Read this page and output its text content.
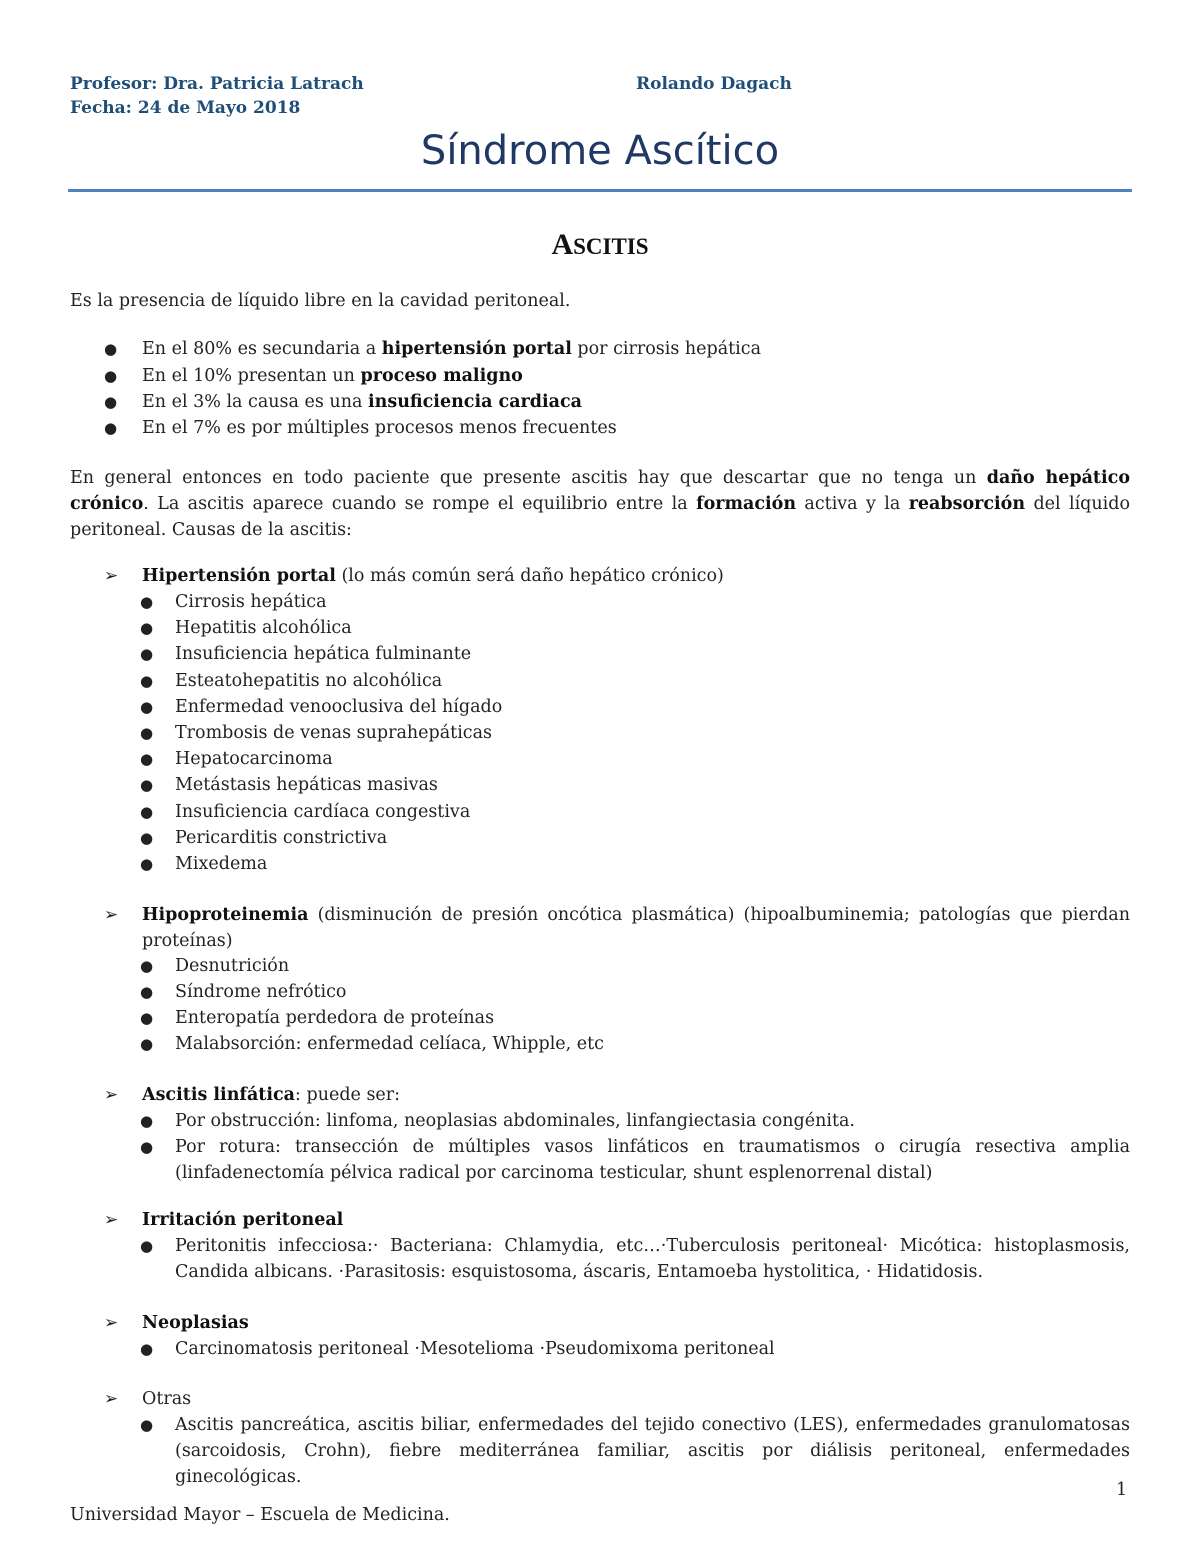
Profesor: Dra. Patricia Latrach
Fecha: 24 de Mayo 2018
Rolando Dagach
Síndrome Ascítico
ASCITIS
Es la presencia de líquido libre en la cavidad peritoneal.
● En el 80% es secundaria a hipertensión portal por cirrosis hepática
● En el 10% presentan un proceso maligno
● En el 3% la causa es una insuficiencia cardiaca
● En el 7% es por múltiples procesos menos frecuentes
En general entonces en todo paciente que presente ascitis hay que descartar que no tenga un daño hepático crónico. La ascitis aparece cuando se rompe el equilibrio entre la formación activa y la reabsorción del líquido peritoneal. Causas de la ascitis:
➢ Hipertensión portal (lo más común será daño hepático crónico)
● Cirrosis hepática
● Hepatitis alcohólica
● Insuficiencia hepática fulminante
● Esteatohepatitis no alcohólica
● Enfermedad venooclusiva del hígado
● Trombosis de venas suprahepáticas
● Hepatocarcinoma
● Metástasis hepáticas masivas
● Insuficiencia cardíaca congestiva
● Pericarditis constrictiva
● Mixedema
➢ Hipoproteinemia (disminución de presión oncótica plasmática) (hipoalbuminemia; patologías que pierdan proteínas)
● Desnutrición
● Síndrome nefrótico
● Enteropatía perdedora de proteínas
● Malabsorción: enfermedad celíaca, Whipple, etc
➢ Ascitis linfática: puede ser:
● Por obstrucción: linfoma, neoplasias abdominales, linfangiectasia congénita.
● Por rotura: transección de múltiples vasos linfáticos en traumatismos o cirugía resectiva amplia (linfadenectomía pélvica radical por carcinoma testicular, shunt esplenorrenal distal)
➢ Irritación peritoneal
● Peritonitis infecciosa:· Bacteriana: Chlamydia, etc…·Tuberculosis peritoneal· Micótica: histoplasmosis, Candida albicans. ·Parasitosis: esquistosoma, áscaris, Entamoeba hystolitica, · Hidatidosis.
➢ Neoplasias
● Carcinomatosis peritoneal ·Mesotelioma ·Pseudomixoma peritoneal
➢ Otras
● Ascitis pancreática, ascitis biliar, enfermedades del tejido conectivo (LES), enfermedades granulomatosas (sarcoidosis, Crohn), fiebre mediterránea familiar, ascitis por diálisis peritoneal, enfermedades ginecológicas.
1
Universidad Mayor – Escuela de Medicina.
